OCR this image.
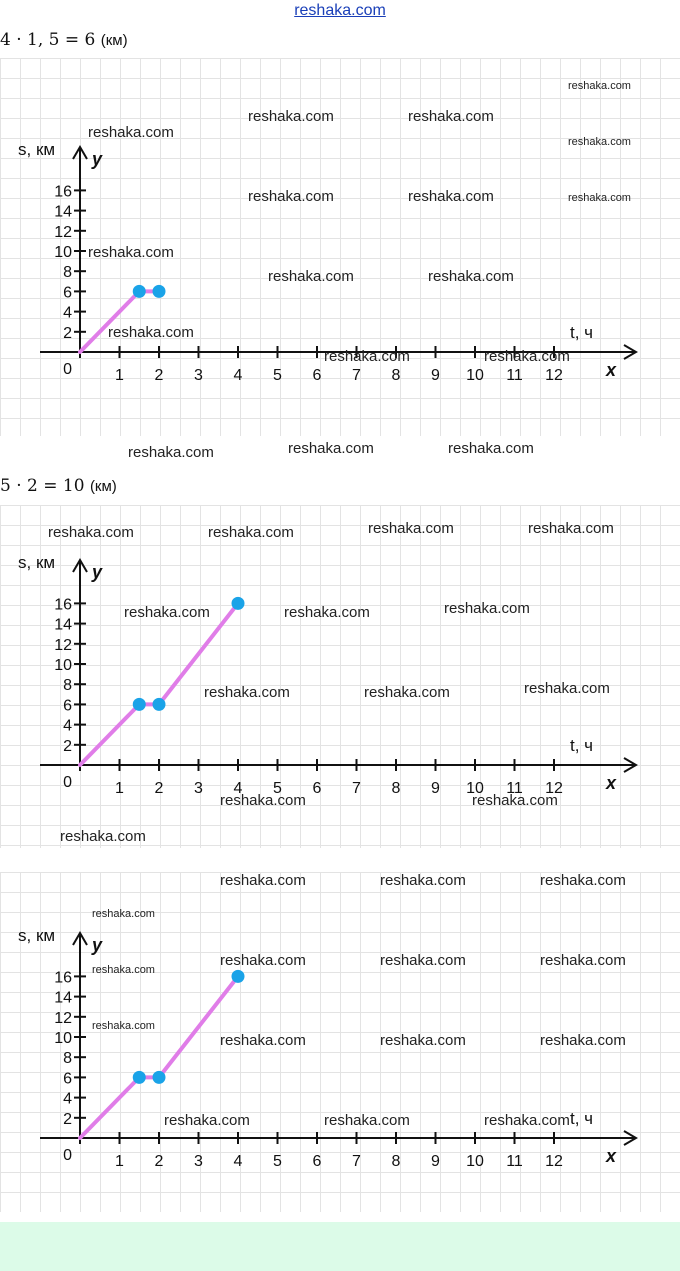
reshaka.com
4 · 1, 5 = 6 (км)
1 2 3 4 5 6 7 8 9 10 11 12
2
4
6
8
10
12
14
16
0
y
x
s, км
t, ч
reshaka.com
reshaka.com	reshaka.com
reshaka.com
reshaka.com
reshaka.com	reshaka.com	reshaka.com
reshaka.com
reshaka.com	reshaka.com
reshaka.com
reshaka.com	reshaka.com
reshaka.com	reshaka.com	reshaka.com
5 · 2 = 10 (км)
1 2 3 4 5 6 7 8 9 10 11 12
2
4
6
8
10
12
14
16
0
y
x
s, км
t, ч
reshaka.com	reshaka.com	reshaka.com	reshaka.com
reshaka.com	reshaka.com	reshaka.com
reshaka.com	reshaka.com	reshaka.com
reshaka.com	reshaka.com
reshaka.com
1 2 3 4 5 6 7 8 9 10 11 12
2
4
6
8
10
12
14
16
0
y
x
s, км
t, ч
reshaka.com	reshaka.com	reshaka.com
reshaka.com
reshaka.com
reshaka.com
reshaka.com	reshaka.com	reshaka.com
reshaka.com	reshaka.com	reshaka.com
reshaka.com	reshaka.com	reshaka.com
